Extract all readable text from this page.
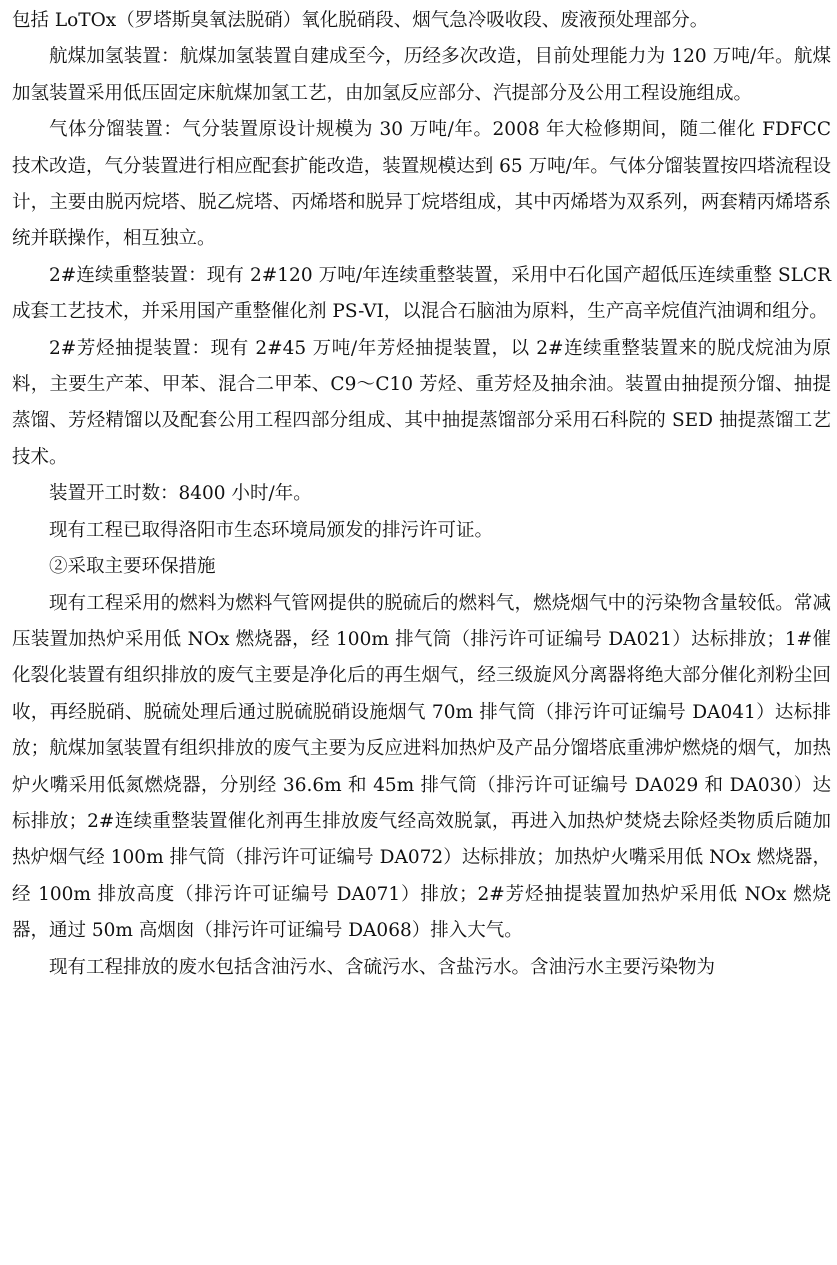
包括 LoTOx（罗塔斯臭氧法脱硝）氧化脱硝段、烟气急冷吸收段、废液预处理部分。

航煤加氢装置：航煤加氢装置自建成至今，历经多次改造，目前处理能力为 120 万吨/年。航煤加氢装置采用低压固定床航煤加氢工艺，由加氢反应部分、汽提部分及公用工程设施组成。

气体分馏装置：气分装置原设计规模为 30 万吨/年。2008 年大检修期间，随二催化 FDFCC 技术改造，气分装置进行相应配套扩能改造，装置规模达到 65 万吨/年。气体分馏装置按四塔流程设计，主要由脱丙烷塔、脱乙烷塔、丙烯塔和脱异丁烷塔组成，其中丙烯塔为双系列，两套精丙烯塔系统并联操作，相互独立。

2#连续重整装置：现有 2#120 万吨/年连续重整装置，采用中石化国产超低压连续重整 SLCR 成套工艺技术，并采用国产重整催化剂 PS-VI，以混合石脑油为原料，生产高辛烷值汽油调和组分。

2#芳烃抽提装置：现有 2#45 万吨/年芳烃抽提装置，以 2#连续重整装置来的脱戊烷油为原料，主要生产苯、甲苯、混合二甲苯、C9～C10 芳烃、重芳烃及抽余油。装置由抽提预分馏、抽提蒸馏、芳烃精馏以及配套公用工程四部分组成、其中抽提蒸馏部分采用石科院的 SED 抽提蒸馏工艺技术。

装置开工时数：8400 小时/年。

现有工程已取得洛阳市生态环境局颁发的排污许可证。

②采取主要环保措施

现有工程采用的燃料为燃料气管网提供的脱硫后的燃料气，燃烧烟气中的污染物含量较低。常减压装置加热炉采用低 NOx 燃烧器，经 100m 排气筒（排污许可证编号 DA021）达标排放；1#催化裂化装置有组织排放的废气主要是净化后的再生烟气，经三级旋风分离器将绝大部分催化剂粉尘回收，再经脱硝、脱硫处理后通过脱硫脱硝设施烟气 70m 排气筒（排污许可证编号 DA041）达标排放；航煤加氢装置有组织排放的废气主要为反应进料加热炉及产品分馏塔底重沸炉燃烧的烟气，加热炉火嘴采用低氮燃烧器，分别经 36.6m 和 45m 排气筒（排污许可证编号 DA029 和 DA030）达标排放；2#连续重整装置催化剂再生排放废气经高效脱氯，再进入加热炉焚烧去除烃类物质后随加热炉烟气经 100m 排气筒（排污许可证编号 DA072）达标排放；加热炉火嘴采用低 NOx 燃烧器，经 100m 排放高度（排污许可证编号 DA071）排放；2#芳烃抽提装置加热炉采用低 NOx 燃烧器，通过 50m 高烟囱（排污许可证编号 DA068）排入大气。

现有工程排放的废水包括含油污水、含硫污水、含盐污水。含油污水主要污染物为
